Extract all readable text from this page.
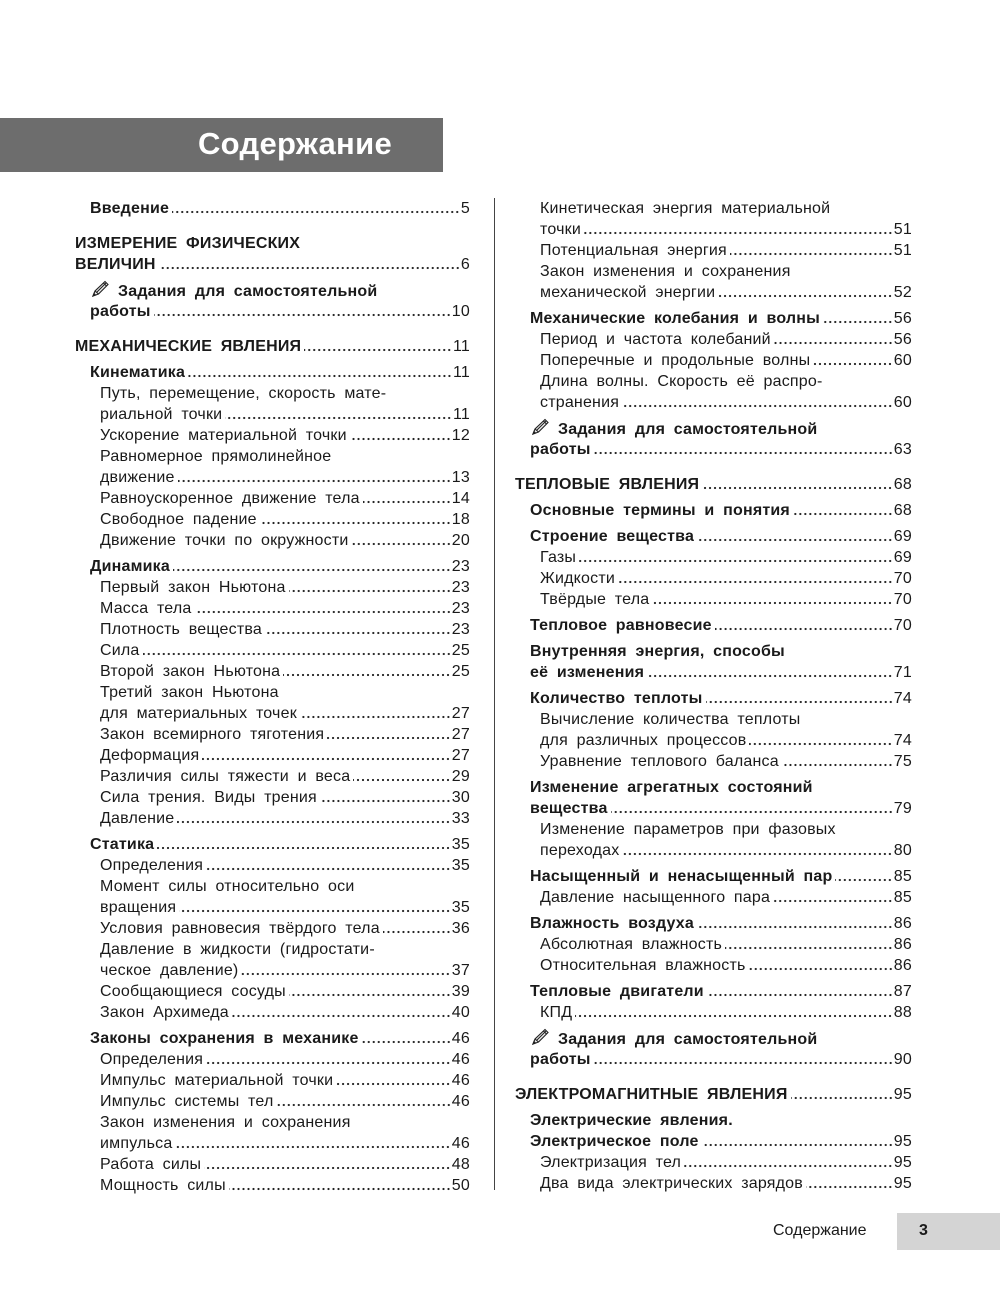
Содержание
Введение	5
ИЗМЕРЕНИЕ ФИЗИЧЕСКИХ
ВЕЛИЧИН	6
Задания для самостоятельной
работы	10
МЕХАНИЧЕСКИЕ ЯВЛЕНИЯ	11
Кинематика	11
Путь, перемещение, скорость мате-
риальной точки	11
Ускорение материальной точки	12
Равномерное прямолинейное
движение	13
Равноускоренное движение тела	14
Свободное падение	18
Движение точки по окружности	20
Динамика	23
Первый закон Ньютона	23
Масса тела	23
Плотность вещества	23
Сила	25
Второй закон Ньютона	25
Третий закон Ньютона
для материальных точек	27
Закон всемирного тяготения	27
Деформация	27
Различия силы тяжести и веса	29
Сила трения. Виды трения	30
Давление	33
Статика	35
Определения	35
Момент силы относительно оси
вращения	35
Условия равновесия твёрдого тела	36
Давление в жидкости (гидростати-
ческое давление)	37
Сообщающиеся сосуды	39
Закон Архимеда	40
Законы сохранения в механике	46
Определения	46
Импульс материальной точки	46
Импульс системы тел	46
Закон изменения и сохранения
импульса	46
Работа силы	48
Мощность силы	50
Кинетическая энергия материальной
точки	51
Потенциальная энергия	51
Закон изменения и сохранения
механической энергии	52
Механические колебания и волны	56
Период и частота колебаний	56
Поперечные и продольные волны	60
Длина волны. Скорость её распро-
странения	60
Задания для самостоятельной
работы	63
ТЕПЛОВЫЕ ЯВЛЕНИЯ	68
Основные термины и понятия	68
Строение вещества	69
Газы	69
Жидкости	70
Твёрдые тела	70
Тепловое равновесие	70
Внутренняя энергия, способы
её изменения	71
Количество теплоты	74
Вычисление количества теплоты
для различных процессов	74
Уравнение теплового баланса	75
Изменение агрегатных состояний
вещества	79
Изменение параметров при фазовых
переходах	80
Насыщенный и ненасыщенный пар	85
Давление насыщенного пара	85
Влажность воздуха	86
Абсолютная влажность	86
Относительная влажность	86
Тепловые двигатели	87
КПД	88
Задания для самостоятельной
работы	90
ЭЛЕКТРОМАГНИТНЫЕ ЯВЛЕНИЯ	95
Электрические явления.
Электрическое поле	95
Электризация тел	95
Два вида электрических зарядов	95
Содержание	3
